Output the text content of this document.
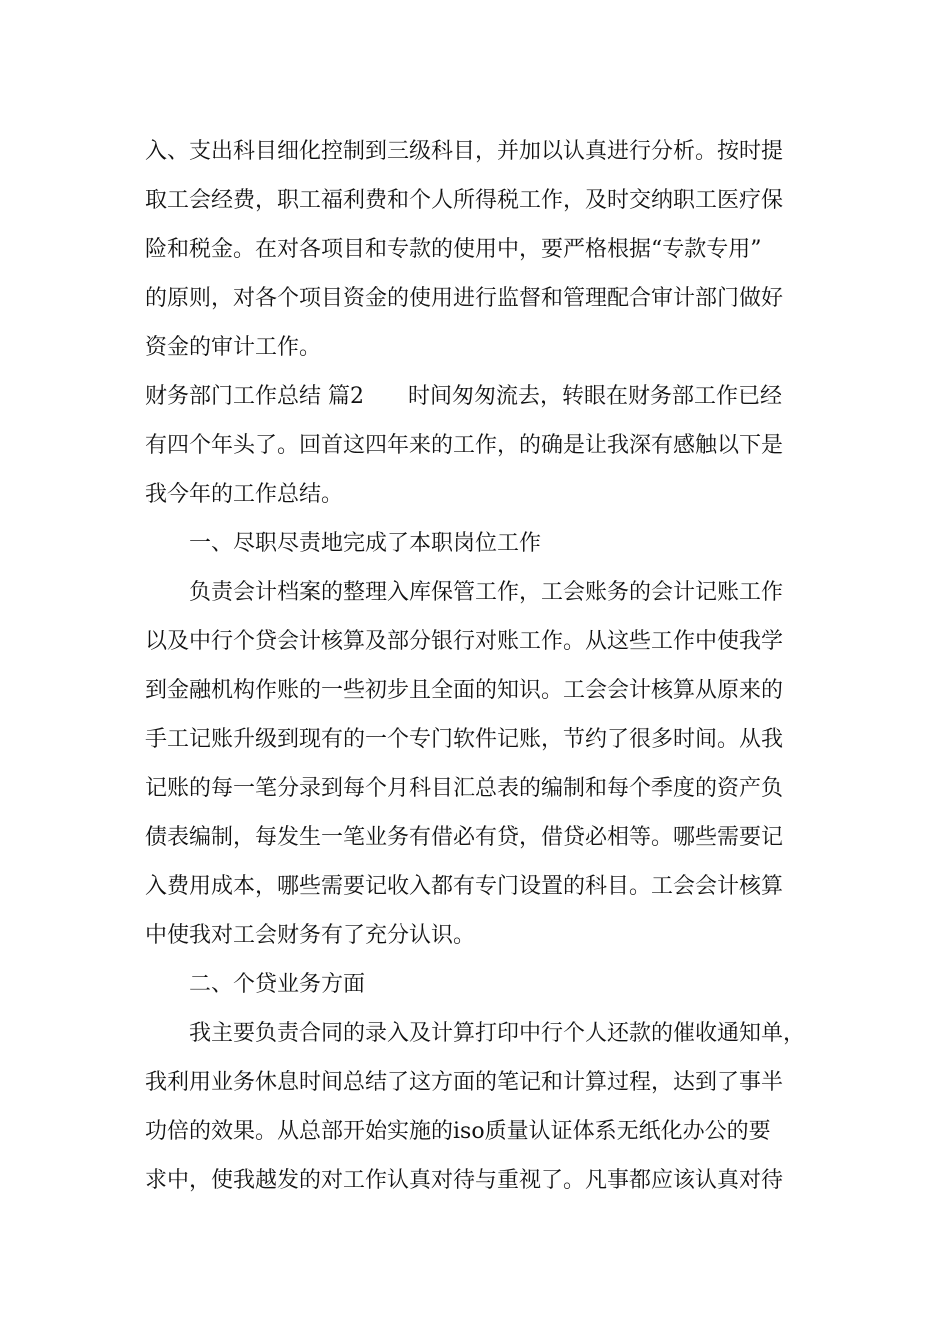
入、支出科目细化控制到三级科目，并加以认真进行分析。按时提
取工会经费，职工福利费和个人所得税工作，及时交纳职工医疗保
险和税金。在对各项目和专款的使用中，要严格根据“专款专用”
的原则，对各个项目资金的使用进行监督和管理配合审计部门做好
资金的审计工作。
财务部门工作总结 篇2 时间匆匆流去，转眼在财务部工作已经
有四个年头了。回首这四年来的工作，的确是让我深有感触以下是
我今年的工作总结。
一、尽职尽责地完成了本职岗位工作
负责会计档案的整理入库保管工作，工会账务的会计记账工作
以及中行个贷会计核算及部分银行对账工作。从这些工作中使我学
到金融机构作账的一些初步且全面的知识。工会会计核算从原来的
手工记账升级到现有的一个专门软件记账，节约了很多时间。从我
记账的每一笔分录到每个月科目汇总表的编制和每个季度的资产负
债表编制，每发生一笔业务有借必有贷，借贷必相等。哪些需要记
入费用成本，哪些需要记收入都有专门设置的科目。工会会计核算
中使我对工会财务有了充分认识。
二、个贷业务方面
我主要负责合同的录入及计算打印中行个人还款的催收通知单，
我利用业务休息时间总结了这方面的笔记和计算过程，达到了事半
功倍的效果。从总部开始实施的iso质量认证体系无纸化办公的要
求中，使我越发的对工作认真对待与重视了。凡事都应该认真对待
